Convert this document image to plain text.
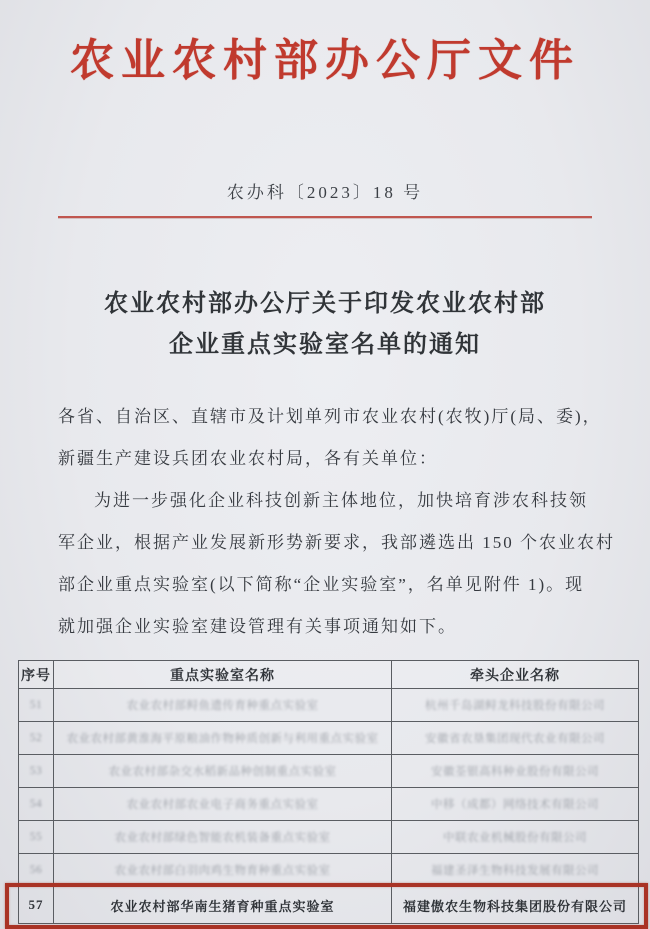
农业农村部办公厅文件
农办科〔2023〕18 号
农业农村部办公厅关于印发农业农村部
企业重点实验室名单的通知
各省、自治区、直辖市及计划单列市农业农村(农牧)厅(局、委)，
新疆生产建设兵团农业农村局，各有关单位：
为进一步强化企业科技创新主体地位，加快培育涉农科技领
军企业，根据产业发展新形势新要求，我部遴选出 150 个农业农村
部企业重点实验室(以下简称“企业实验室”，名单见附件 1)。现
就加强企业实验室建设管理有关事项通知如下。
序号	重点实验室名称	牵头企业名称
51	农业农村部鲟鱼遗传育种重点实验室	杭州千岛湖鲟龙科技股份有限公司
52	农业农村部黄淮海平原粮油作物种质创新与利用重点实验室	安徽省农垦集团现代农业有限公司
53	农业农村部杂交水稻新品种创制重点实验室	安徽荃银高科种业股份有限公司
54	农业农村部农业电子商务重点实验室	中移（成都）网络技术有限公司
55	农业农村部绿色智能农机装备重点实验室	中联农业机械股份有限公司
56	农业农村部白羽肉鸡生物育种重点实验室	福建圣泽生物科技发展有限公司
57	农业农村部华南生猪育种重点实验室	福建傲农生物科技集团股份有限公司
